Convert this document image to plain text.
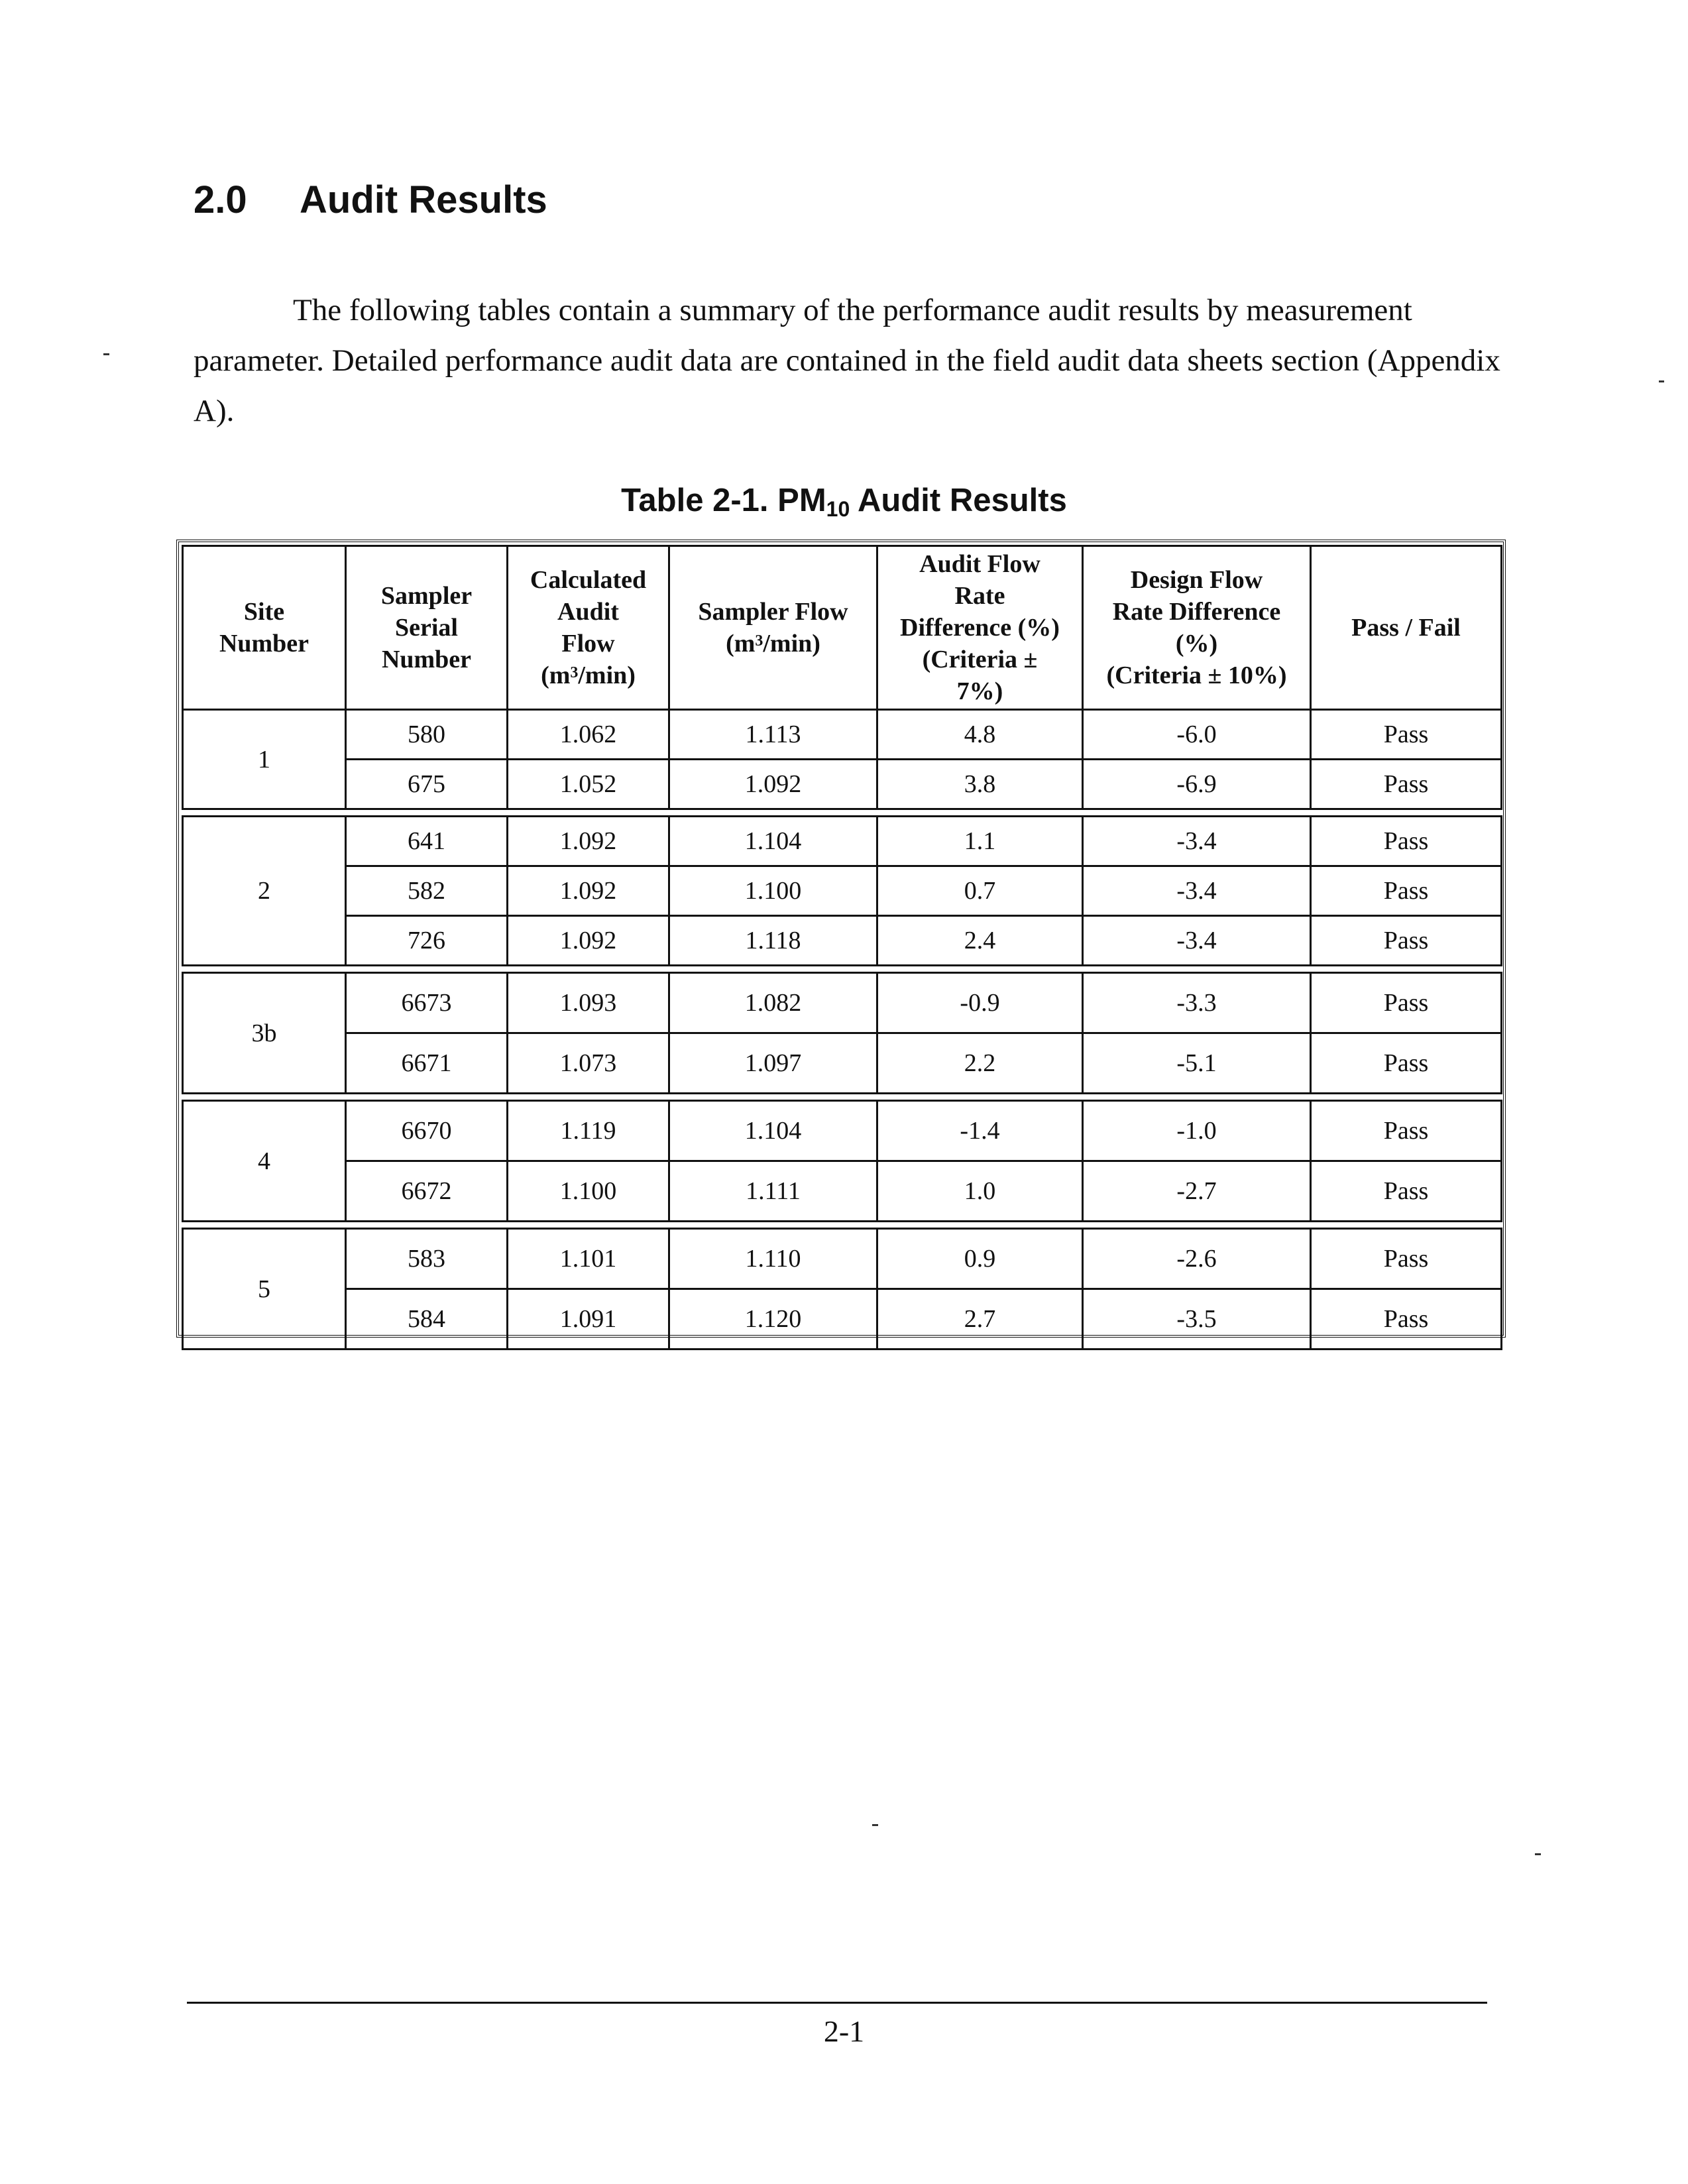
2.0 Audit Results
The following tables contain a summary of the performance audit results by measurement parameter. Detailed performance audit data are contained in the field audit data sheets section (Appendix A).
Table 2-1. $PM_{10}$ Audit Results
Site
Number	Sampler
Serial
Number	Calculated
Audit
Flow
$(m^3/\min)$	Sampler Flow
$(m^3/\min)$	Audit Flow
Rate
Difference (%)
(Criteria ±
7%)	Design Flow
Rate Difference
(%)
(Criteria ± 10%)	Pass / Fail
1	580	1.062	1.113	4.8	-6.0	Pass
	675	1.052	1.092	3.8	-6.9	Pass

2	641	1.092	1.104	1.1	-3.4	Pass
	582	1.092	1.100	0.7	-3.4	Pass
	726	1.092	1.118	2.4	-3.4	Pass

3b	6673	1.093	1.082	-0.9	-3.3	Pass
	6671	1.073	1.097	2.2	-5.1	Pass

4	6670	1.119	1.104	-1.4	-1.0	Pass
	6672	1.100	1.111	1.0	-2.7	Pass

5	583	1.101	1.110	0.9	-2.6	Pass
	584	1.091	1.120	2.7	-3.5	Pass
2-1
